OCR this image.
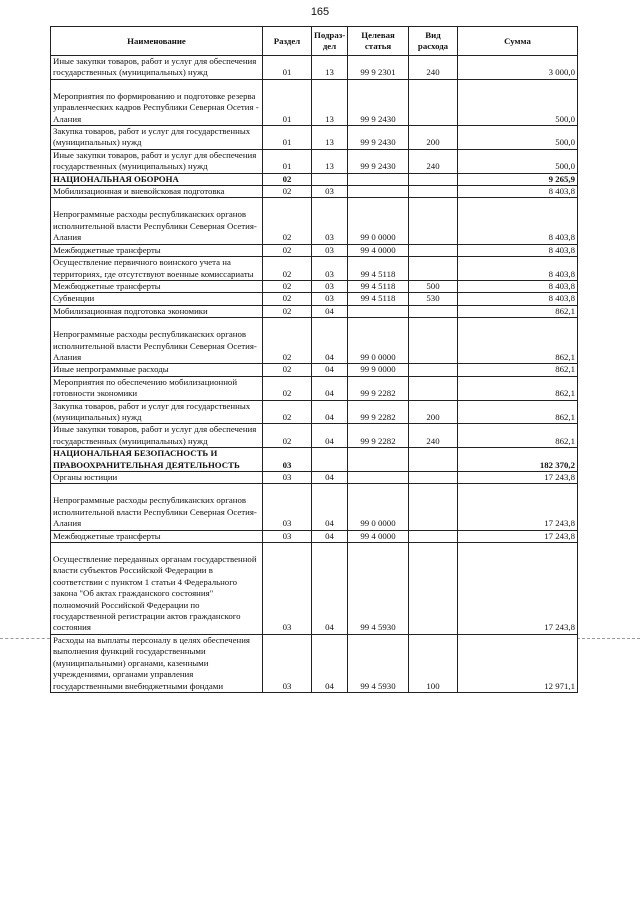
165
Наименование	Раздел	Подраз-дел	Целевая статья	Вид расхода	Сумма
Иные закупки товаров, работ и услуг для обеспечения государственных (муниципальных) нужд	01	13	99 9 2301	240	3 000,0
Мероприятия по формированию и подготовке резерва управленческих кадров Республики Северная Осетия - Алания	01	13	99 9 2430		500,0
Закупка товаров, работ и услуг для государственных (муниципальных) нужд	01	13	99 9 2430	200	500,0
Иные закупки товаров, работ и услуг для обеспечения государственных (муниципальных) нужд	01	13	99 9 2430	240	500,0
НАЦИОНАЛЬНАЯ ОБОРОНА	02				9 265,9
Мобилизационная и вневойсковая подготовка	02	03			8 403,8
Непрограммные расходы республиканских органов исполнительной власти Республики Северная Осетия-Алания	02	03	99 0 0000		8 403,8
Межбюджетные трансферты	02	03	99 4 0000		8 403,8
Осуществление первичного воинского учета на территориях, где отсутствуют военные комиссариаты	02	03	99 4 5118		8 403,8
Межбюджетные трансферты	02	03	99 4 5118	500	8 403,8
Субвенции	02	03	99 4 5118	530	8 403,8
Мобилизационная подготовка экономики	02	04			862,1
Непрограммные расходы республиканских органов исполнительной власти Республики Северная Осетия-Алания	02	04	99 0 0000		862,1
Иные непрограммные расходы	02	04	99 9 0000		862,1
Мероприятия по обеспечению мобилизационной готовности экономики	02	04	99 9 2282		862,1
Закупка товаров, работ и услуг для государственных (муниципальных) нужд	02	04	99 9 2282	200	862,1
Иные закупки товаров, работ и услуг для обеспечения государственных (муниципальных) нужд	02	04	99 9 2282	240	862,1
НАЦИОНАЛЬНАЯ БЕЗОПАСНОСТЬ И ПРАВООХРАНИТЕЛЬНАЯ ДЕЯТЕЛЬНОСТЬ	03				182 370,2
Органы юстиции	03	04			17 243,8
Непрограммные расходы республиканских органов исполнительной власти Республики Северная Осетия-Алания	03	04	99 0 0000		17 243,8
Межбюджетные трансферты	03	04	99 4 0000		17 243,8
Осуществление переданных органам государственной власти субъектов Российской Федерации в соответствии с пунктом 1 статьи 4 Федерального закона "Об актах гражданского состояния" полномочий Российской Федерации по государственной регистрации актов гражданского состояния	03	04	99 4 5930		17 243,8
Расходы на выплаты персоналу в целях обеспечения выполнения функций государственными (муниципальными) органами, казенными учреждениями, органами управления государственными внебюджетными фондами	03	04	99 4 5930	100	12 971,1
